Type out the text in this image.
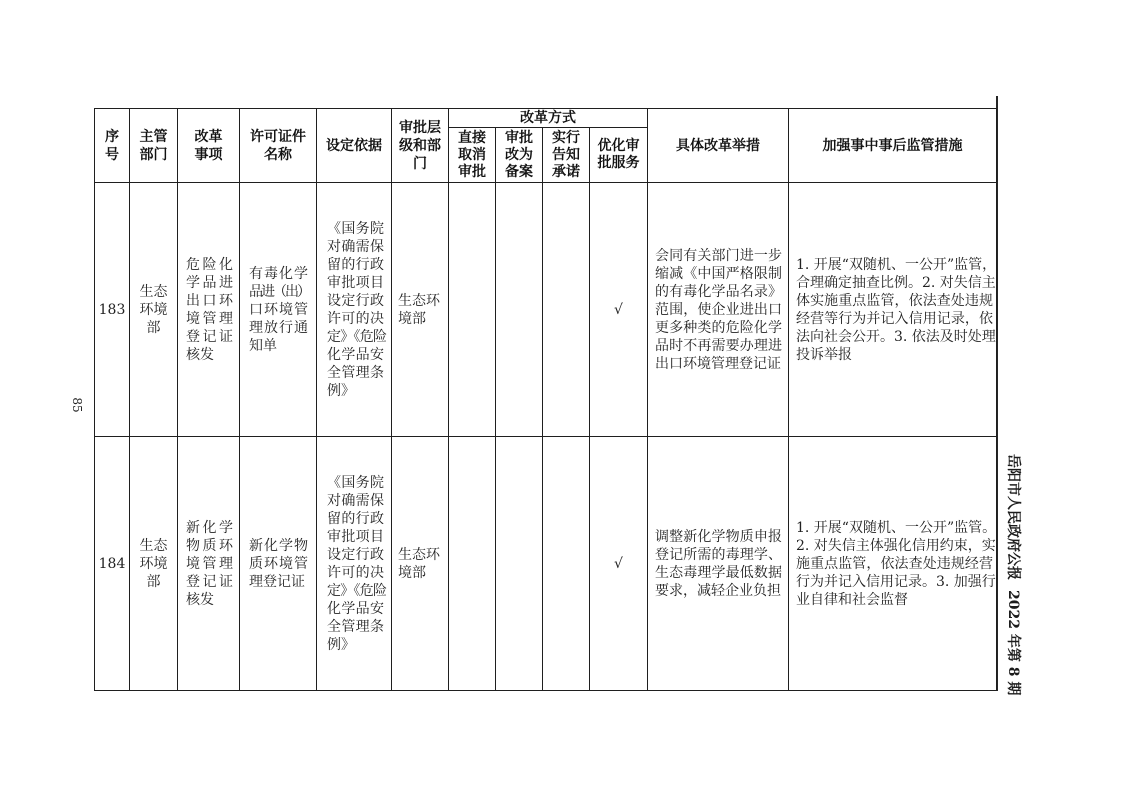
85
岳阳市人民政府公报2022 年第 8 期
序
号
主管
部门
改革
事项
许可证件
名称
设定依据
审批层
级和部
门
改革方式
直接
取消
审批
审批
改为
备案
实行
告知
承诺
优化审
批服务
具体改革举措	加强事中事后监管措施
183
生态
环境
部
危险化
学品进
出口环
境管理
登记证
核发
有毒化学
品进（出）
口环境管
理放行通
知单
《国务院
对确需保
留的行政
审批项目
设定行政
许可的决
定》《危险
化学品安
全管理条
例》
生态环
境部
√
会同有关部门进一步
缩减《中国严格限制
的有毒化学品名录》
范围，使企业进出口
更多种类的危险化学
品时不再需要办理进
出口环境管理登记证
1. 开展“双随机、一公开”监管，
合理确定抽查比例。2. 对失信主
体实施重点监管，依法查处违规
经营等行为并记入信用记录，依
法向社会公开。3. 依法及时处理
投诉举报
184
生态
环境
部
新化学
物质环
境管理
登记证
核发
新化学物
质环境管
理登记证
《国务院
对确需保
留的行政
审批项目
设定行政
许可的决
定》《危险
化学品安
全管理条
例》
生态环
境部
√
调整新化学物质申报
登记所需的毒理学、
生态毒理学最低数据
要求，减轻企业负担
1. 开展“双随机、一公开”监管。
2. 对失信主体强化信用约束，实
施重点监管，依法查处违规经营
行为并记入信用记录。3. 加强行
业自律和社会监督
